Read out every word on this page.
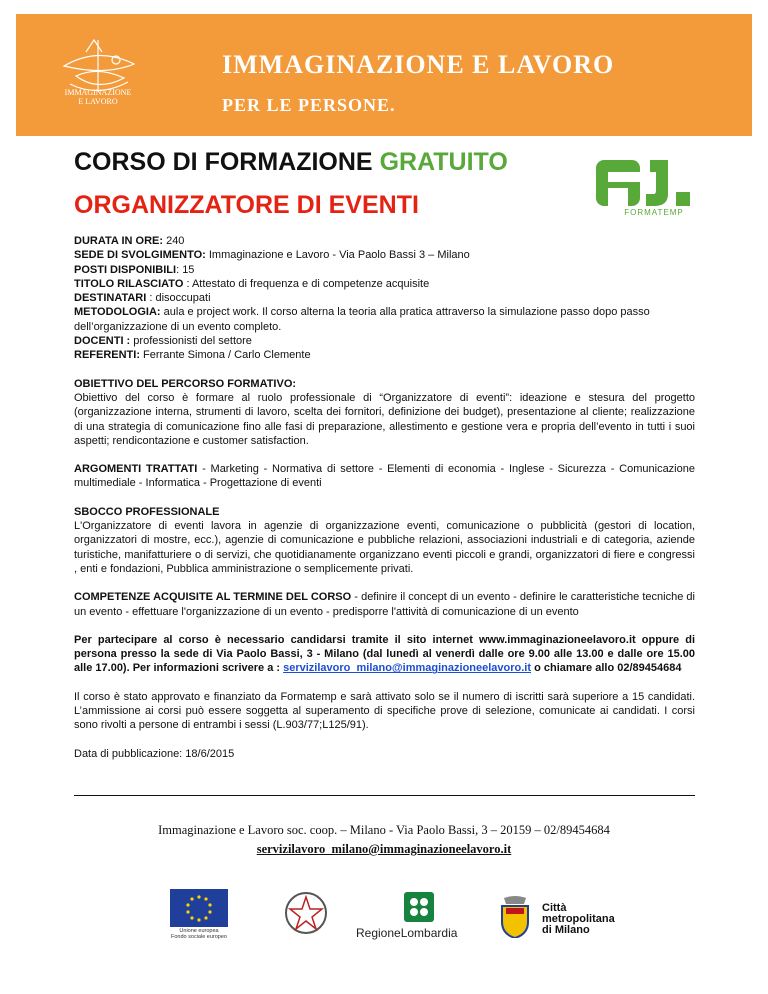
IMMAGINAZIONE
E LAVORO
IMMAGINAZIONE E LAVORO
PER LE PERSONE.
CORSO DI FORMAZIONE GRATUITO
ORGANIZZATORE DI EVENTI	FORMATEMP

DURATA IN ORE: 240

SEDE DI SVOLGIMENTO: Immaginazione e Lavoro - Via Paolo Bassi 3 – Milano

POSTI DISPONIBILI: 15

TITOLO RILASCIATO : Attestato di frequenza e di competenze acquisite

DESTINATARI : disoccupati

METODOLOGIA: aula e project work. Il corso alterna la teoria alla pratica attraverso la simulazione passo dopo passo dell’organizzazione di un evento completo.

DOCENTI : professionisti del settore

REFERENTI: Ferrante Simona / Carlo Clemente

OBIETTIVO DEL PERCORSO FORMATIVO:

Obiettivo del corso è formare al ruolo professionale di “Organizzatore di eventi”: ideazione e stesura del progetto (organizzazione interna, strumenti di lavoro, scelta dei fornitori, definizione dei budget), presentazione al cliente; realizzazione di una strategia di comunicazione fino alle fasi di preparazione, allestimento e gestione vera e propria dell’evento in tutti i suoi aspetti; rendicontazione e customer satisfaction.

ARGOMENTI TRATTATI - Marketing - Normativa di settore - Elementi di economia - Inglese - Sicurezza - Comunicazione multimediale - Informatica - Progettazione di eventi

SBOCCO PROFESSIONALE

L'Organizzatore di eventi lavora in agenzie di organizzazione eventi, comunicazione o pubblicità (gestori di location, organizzatori di mostre, ecc.), agenzie di comunicazione e pubbliche relazioni, associazioni industriali e di categoria, aziende turistiche, manifatturiere o di servizi, che quotidianamente organizzano eventi piccoli e grandi, organizzatori di fiere e congressi , enti e fondazioni, Pubblica amministrazione o semplicemente privati.

COMPETENZE ACQUISITE AL TERMINE DEL CORSO - definire il concept di un evento - definire le caratteristiche tecniche di un evento - effettuare l'organizzazione di un evento - predisporre l'attività di comunicazione di un evento

Per partecipare al corso è necessario candidarsi tramite il sito internet www.immaginazioneelavoro.it oppure di persona presso la sede di Via Paolo Bassi, 3 - Milano (dal lunedì al venerdì dalle ore 9.00 alle 13.00 e dalle ore 15.00 alle 17.00). Per informazioni scrivere a : servizilavoro_milano@immaginazioneelavoro.it o chiamare allo 02/89454684

Il corso è stato approvato e finanziato da Formatemp e sarà attivato solo se il numero di iscritti sarà superiore a 15 candidati. L’ammissione ai corsi può essere soggetta al superamento di specifiche prove di selezione, comunicate ai candidati. I corsi sono rivolti a persone di entrambi i sessi (L.903/77;L125/91).

Data di pubblicazione: 18/6/2015

Immaginazione e Lavoro soc. coop. – Milano - Via Paolo Bassi, 3 – 20159 – 02/89454684
servizilavoro_milano@immaginazioneelavoro.it
Unione europea
Fondo sociale europeo	RegioneLombardia
Città
metropolitana
di Milano
